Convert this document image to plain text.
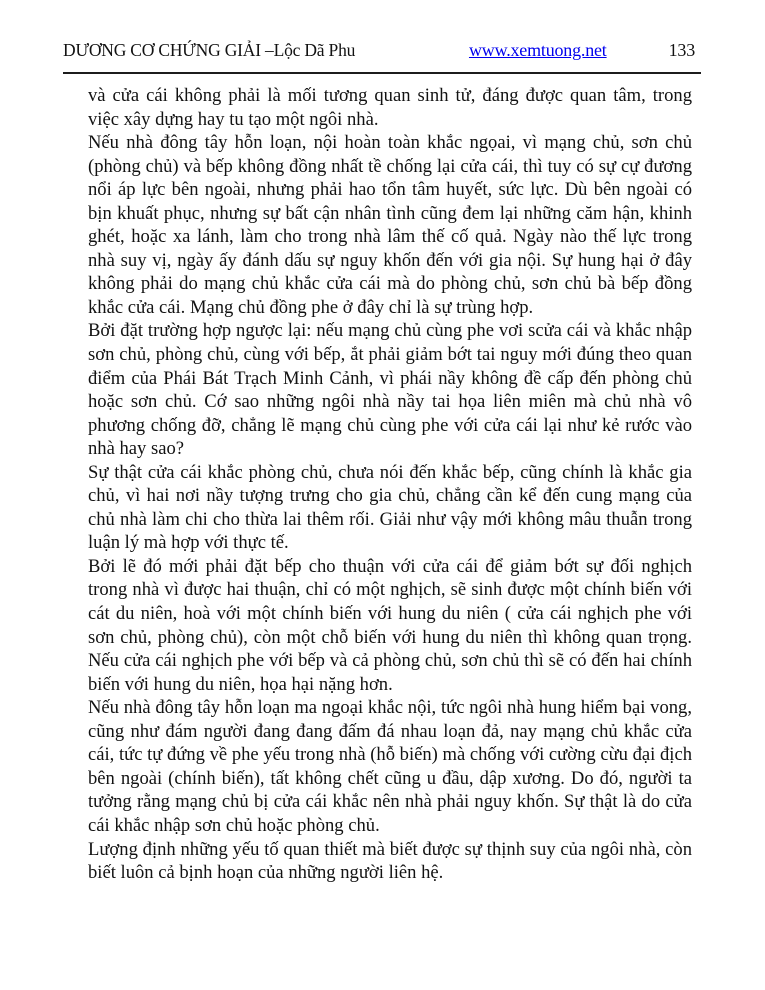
DƯƠNG CƠ CHỨNG GIẢI –Lộc Dã Phu	www.xemtuong.net	133

và cửa cái không phải là mối tương quan sinh tử, đáng được quan tâm, trong việc xây dựng hay tu tạo một ngôi nhà.

Nếu nhà đông tây hỗn loạn, nội hoàn toàn khắc ngọai, vì mạng chủ, sơn chủ (phòng chủ) và bếp không đồng nhất tề chống lại cửa cái, thì tuy có sự cự đương nổi áp lực bên ngoài, nhưng phải hao tổn tâm huyết, sức lực. Dù bên ngoài có bịn khuất phục, nhưng sự bất cận nhân tình cũng đem lại những căm hận, khinh ghét, hoặc xa lánh, làm cho trong nhà lâm thế cố quả. Ngày nào thế lực trong nhà suy vị, ngày ấy đánh dấu sự nguy khốn đến với gia nội. Sự hung hại ở đây không phải do mạng chủ khắc cửa cái mà do phòng chủ, sơn chủ bà bếp đồng khắc cửa cái. Mạng chủ đồng phe ở đây chỉ là sự trùng hợp.

Bởi đặt trường hợp ngược lại: nếu mạng chủ cùng phe vơi scửa cái và khắc nhập sơn chủ, phòng chủ, cùng với bếp, ắt phải giảm bớt tai nguy mới đúng theo quan điểm của Phái Bát Trạch Minh Cảnh, vì phái nầy không đề cấp đến phòng chủ hoặc sơn chủ. Cớ sao những ngôi nhà nầy tai họa liên miên mà chủ nhà vô phương chống đỡ, chẳng lẽ mạng chủ cùng phe với cửa cái lại như kẻ rước vào nhà hay sao?

Sự thật cửa cái khắc phòng chủ, chưa nói đến khắc bếp, cũng chính là khắc gia chủ, vì hai nơi nầy tượng trưng cho gia chủ, chẳng cần kể đến cung mạng của chủ nhà làm chi cho thừa lai thêm rối. Giải như vậy mới không mâu thuẫn trong luận lý mà hợp với thực tế.

Bởi lẽ đó mới phải đặt bếp cho thuận với cửa cái để giảm bớt sự đối nghịch trong nhà vì được hai thuận, chỉ có một nghịch, sẽ sinh được một chính biến với cát du niên, hoà với một chính biến với hung du niên ( cửa cái nghịch phe với sơn chủ, phòng chủ), còn một chỗ biến với hung du niên thì không quan trọng. Nếu cửa cái nghịch phe với bếp và cả phòng chủ, sơn chủ thì sẽ có đến hai chính biến với hung du niên, họa hại nặng hơn.

Nếu nhà đông tây hỗn loạn ma ngoại khắc nội, tức ngôi nhà hung hiểm bại vong, cũng như đám người đang đang đấm đá nhau loạn đả, nay mạng chủ khắc cửa cái, tức tự đứng về phe yếu trong nhà (hỗ biến) mà chống với cường cừu đại địch bên ngoài (chính biến), tất không chết cũng u đầu, dập xương. Do đó, người ta tưởng rằng mạng chủ bị cửa cái khắc nên nhà phải nguy khốn. Sự thật là do cửa cái khắc nhập sơn chủ hoặc phòng chủ.

Lượng định những yếu tố quan thiết mà biết được sự thịnh suy của ngôi nhà, còn biết luôn cả bịnh hoạn của những người liên hệ.
